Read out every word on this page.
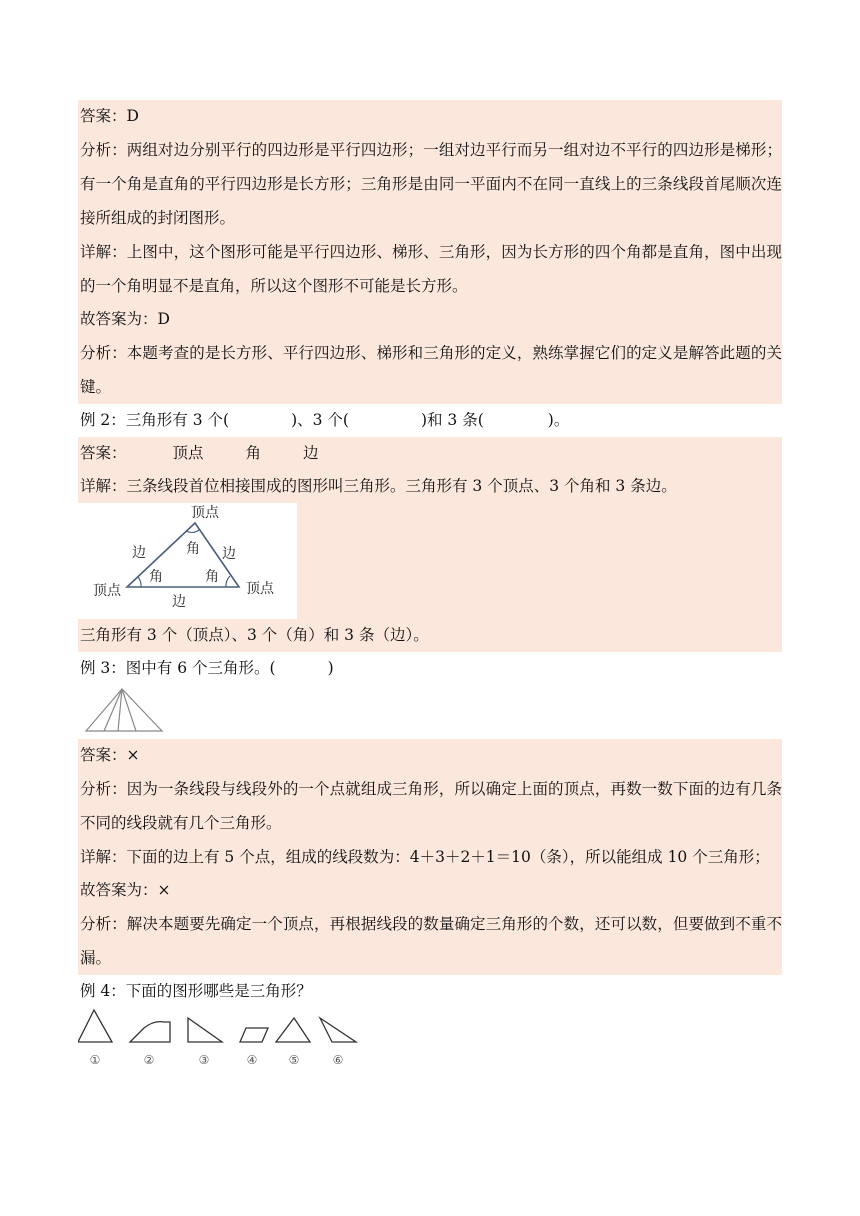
答案：D
分析：两组对边分别平行的四边形是平行四边形；一组对边平行而另一组对边不平行的四边形是梯形；有一个角是直角的平行四边形是长方形；三角形是由同一平面内不在同一直线上的三条线段首尾顺次连接所组成的封闭图形。
详解：上图中，这个图形可能是平行四边形、梯形、三角形，因为长方形的四个角都是直角，图中出现的一个角明显不是直角，所以这个图形不可能是长方形。
故答案为：D
分析：本题考查的是长方形、平行四边形、梯形和三角形的定义，熟练掌握它们的定义是解答此题的关键。
例 2：三角形有 3 个(	)、3 个(	)和 3 条(	)。
答案：	顶点	角	边
详解：三条线段首位相接围成的图形叫三角形。三角形有 3 个顶点、3 个角和 3 条边。
顶点
顶点	顶点
边	边
边
角
角	角
三角形有 3 个（顶点）、3 个（角）和 3 条（边）。
例 3：图中有 6 个三角形。(	)
答案：×
分析：因为一条线段与线段外的一个点就组成三角形，所以确定上面的顶点，再数一数下面的边有几条不同的线段就有几个三角形。
详解：下面的边上有 5 个点，组成的线段数为：4＋3＋2＋1＝10（条），所以能组成 10 个三角形；
故答案为：×
分析：解决本题要先确定一个顶点，再根据线段的数量确定三角形的个数，还可以数，但要做到不重不漏。
例 4：下面的图形哪些是三角形？
①	②	③	④	⑤	⑥
